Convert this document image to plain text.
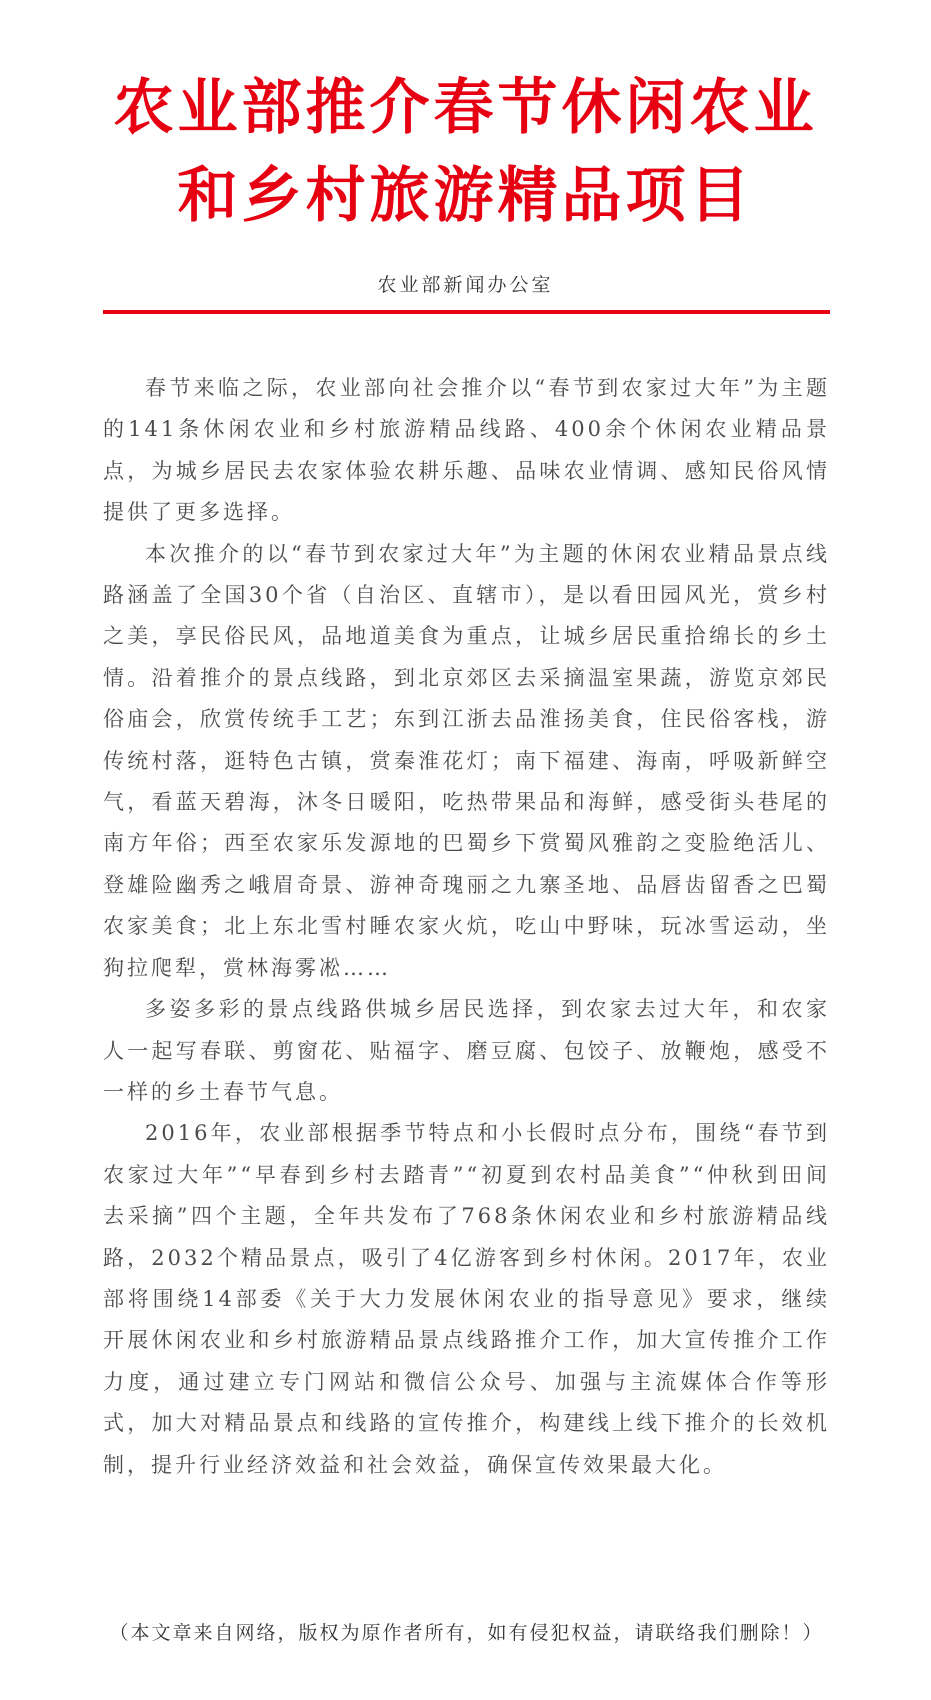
农业部推介春节休闲农业
和乡村旅游精品项目
农业部新闻办公室

春节来临之际，农业部向社会推介以“春节到农家过大年”为主题的141条休闲农业和乡村旅游精品线路、400余个休闲农业精品景点，为城乡居民去农家体验农耕乐趣、品味农业情调、感知民俗风情提供了更多选择。

本次推介的以“春节到农家过大年”为主题的休闲农业精品景点线路涵盖了全国30个省（自治区、直辖市），是以看田园风光，赏乡村之美，享民俗民风，品地道美食为重点，让城乡居民重拾绵长的乡土情。沿着推介的景点线路，到北京郊区去采摘温室果蔬，游览京郊民俗庙会，欣赏传统手工艺；东到江浙去品淮扬美食，住民俗客栈，游传统村落，逛特色古镇，赏秦淮花灯；南下福建、海南，呼吸新鲜空气，看蓝天碧海，沐冬日暖阳，吃热带果品和海鲜，感受街头巷尾的南方年俗；西至农家乐发源地的巴蜀乡下赏蜀风雅韵之变脸绝活儿、登雄险幽秀之峨眉奇景、游神奇瑰丽之九寨圣地、品唇齿留香之巴蜀农家美食；北上东北雪村睡农家火炕，吃山中野味，玩冰雪运动，坐狗拉爬犁，赏林海雾凇……

多姿多彩的景点线路供城乡居民选择，到农家去过大年，和农家人一起写春联、剪窗花、贴福字、磨豆腐、包饺子、放鞭炮，感受不一样的乡土春节气息。

2016年，农业部根据季节特点和小长假时点分布，围绕“春节到农家过大年”“早春到乡村去踏青”“初夏到农村品美食”“仲秋到田间去采摘”四个主题，全年共发布了768条休闲农业和乡村旅游精品线路，2032个精品景点，吸引了4亿游客到乡村休闲。2017年，农业部将围绕14部委《关于大力发展休闲农业的指导意见》要求，继续开展休闲农业和乡村旅游精品景点线路推介工作，加大宣传推介工作力度，通过建立专门网站和微信公众号、加强与主流媒体合作等形式，加大对精品景点和线路的宣传推介，构建线上线下推介的长效机制，提升行业经济效益和社会效益，确保宣传效果最大化。

（本文章来自网络，版权为原作者所有，如有侵犯权益，请联络我们删除！）
